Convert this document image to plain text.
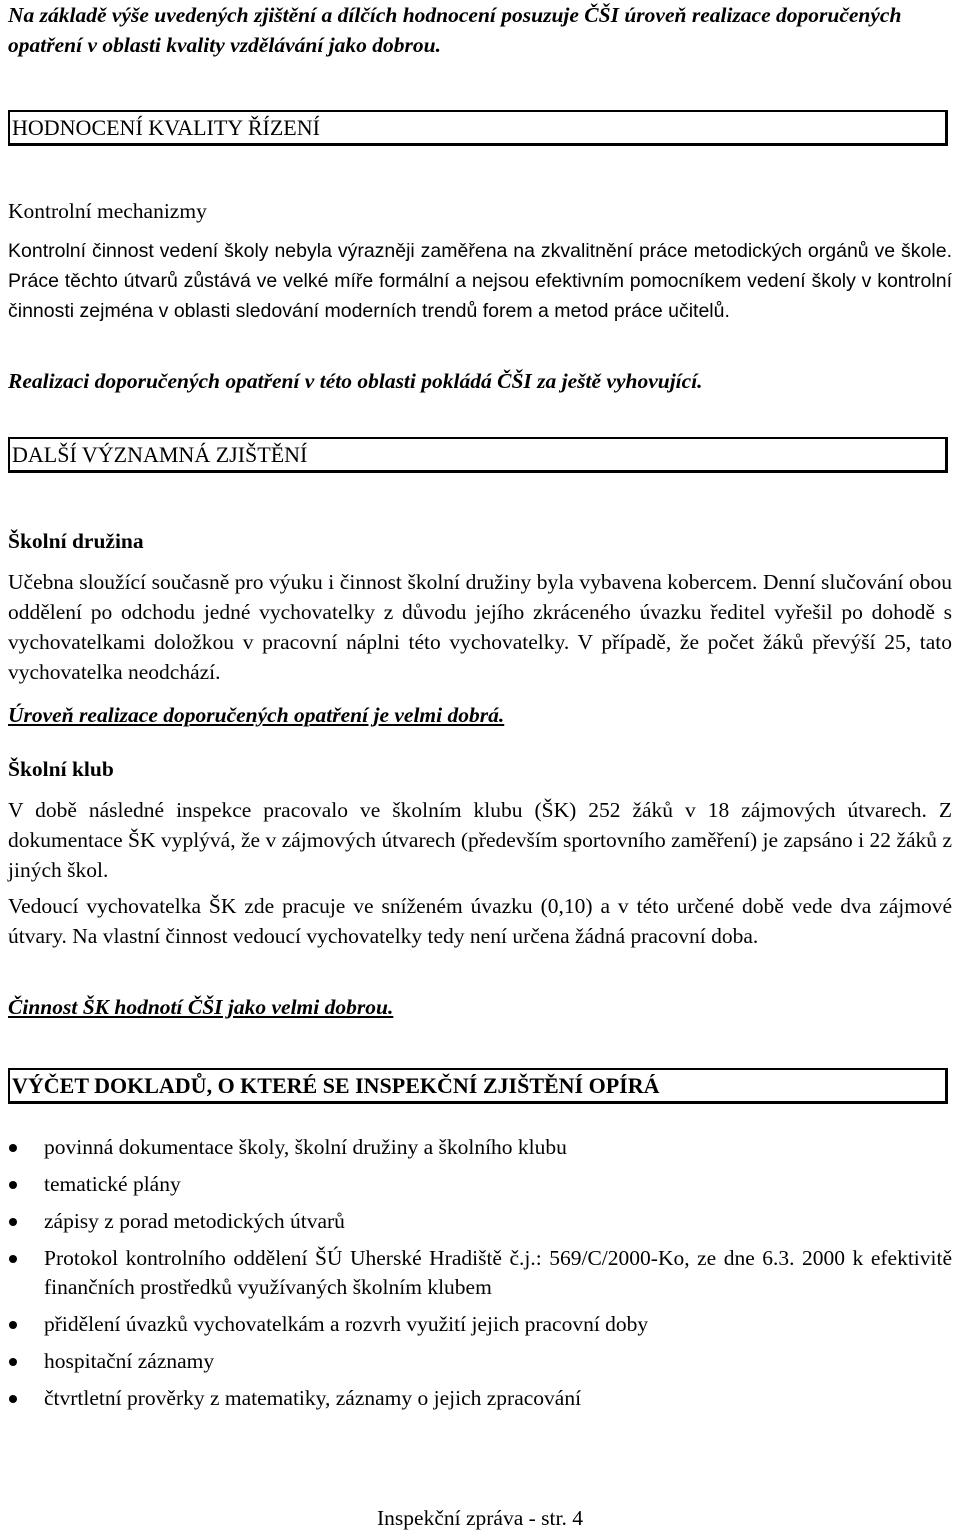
Na základě výše uvedených zjištění a dílčích hodnocení posuzuje ČŠI úroveň realizace doporučených opatření v oblasti kvality vzdělávání jako dobrou.

HODNOCENÍ KVALITY ŘÍZENÍ

Kontrolní mechanizmy

Kontrolní činnost vedení školy nebyla výrazněji zaměřena na zkvalitnění práce metodických orgánů ve škole. Práce těchto útvarů zůstává ve velké míře formální a nejsou efektivním pomocníkem vedení školy v kontrolní činnosti zejména v oblasti sledování moderních trendů forem a metod práce učitelů.

Realizaci doporučených opatření v této oblasti pokládá ČŠI za ještě vyhovující.

DALŠÍ VÝZNAMNÁ ZJIŠTĚNÍ

Školní družina

Učebna sloužící současně pro výuku i činnost školní družiny byla vybavena kobercem. Denní slučování obou oddělení po odchodu jedné vychovatelky z důvodu jejího zkráceného úvazku ředitel vyřešil po dohodě s vychovatelkami doložkou v pracovní náplni této vychovatelky. V případě, že počet žáků převýší 25, tato vychovatelka neodchází.

Úroveň realizace doporučených opatření je velmi dobrá.

Školní klub

V době následné inspekce pracovalo ve školním klubu (ŠK) 252 žáků v 18 zájmových útvarech. Z dokumentace ŠK vyplývá, že v zájmových útvarech (především sportovního zaměření) je zapsáno i 22 žáků z jiných škol.

Vedoucí vychovatelka ŠK zde pracuje ve sníženém úvazku (0,10) a v této určené době vede dva zájmové útvary. Na vlastní činnost vedoucí vychovatelky tedy není určena žádná pracovní doba.

Činnost ŠK hodnotí ČŠI jako velmi dobrou.

VÝČET DOKLADŮ, O KTERÉ SE INSPEKČNÍ ZJIŠTĚNÍ OPÍRÁ
povinná dokumentace školy, školní družiny a školního klubu
tematické plány
zápisy z porad metodických útvarů
Protokol kontrolního oddělení ŠÚ Uherské Hradiště č.j.: 569/C/2000-Ko, ze dne 6.3. 2000 k efektivitě finančních prostředků využívaných školním klubem
přidělení úvazků vychovatelkám a rozvrh využití jejich pracovní doby
hospitační záznamy
čtvrtletní prověrky z matematiky, záznamy o jejich zpracování
Inspekční zpráva - str. 4
